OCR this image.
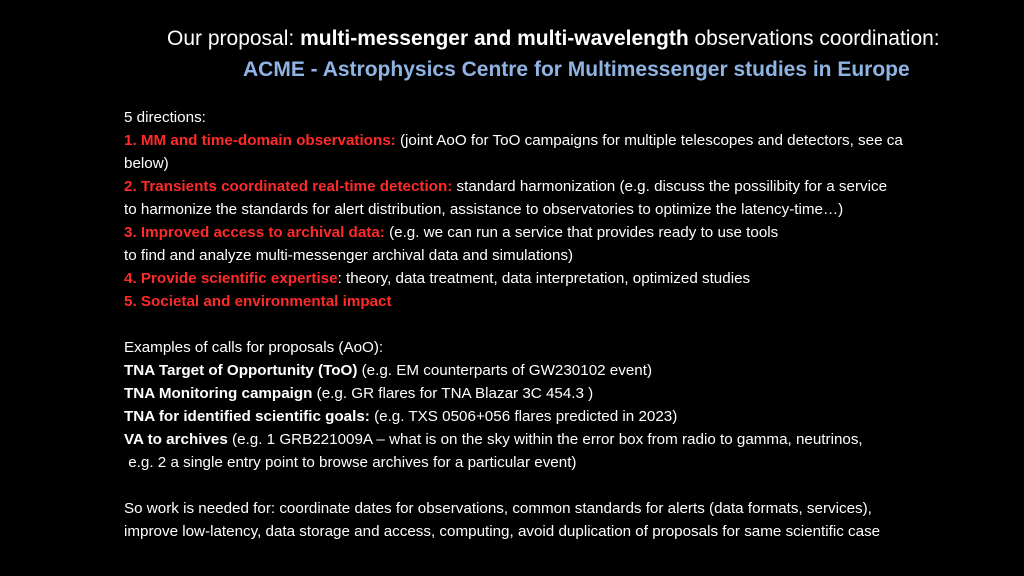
Our proposal: multi-messenger and multi-wavelength observations coordination:
ACME - Astrophysics Centre for Multimessenger studies in Europe
5 directions:
1. MM and time-domain observations: (joint AoO for ToO campaigns for multiple telescopes and detectors, see ca
below)
2. Transients coordinated real-time detection: standard harmonization (e.g. discuss the possilibity for a service
to harmonize the standards for alert distribution, assistance to observatories to optimize the latency-time…)
3. Improved access to archival data: (e.g. we can run a service that provides ready to use tools
to find and analyze multi-messenger archival data and simulations)
4. Provide scientific expertise: theory, data treatment, data interpretation, optimized studies
5. Societal and environmental impact
Examples of calls for proposals (AoO):
TNA Target of Opportunity (ToO) (e.g. EM counterparts of GW230102 event)
TNA Monitoring campaign (e.g. GR flares for TNA Blazar 3C 454.3 )
TNA for identified scientific goals: (e.g. TXS 0506+056 flares predicted in 2023)
VA to archives (e.g. 1 GRB221009A – what is on the sky within the error box from radio to gamma, neutrinos,
e.g. 2 a single entry point to browse archives for a particular event)
So work is needed for: coordinate dates for observations, common standards for alerts (data formats, services),
improve low-latency, data storage and access, computing, avoid duplication of proposals for same scientific case
